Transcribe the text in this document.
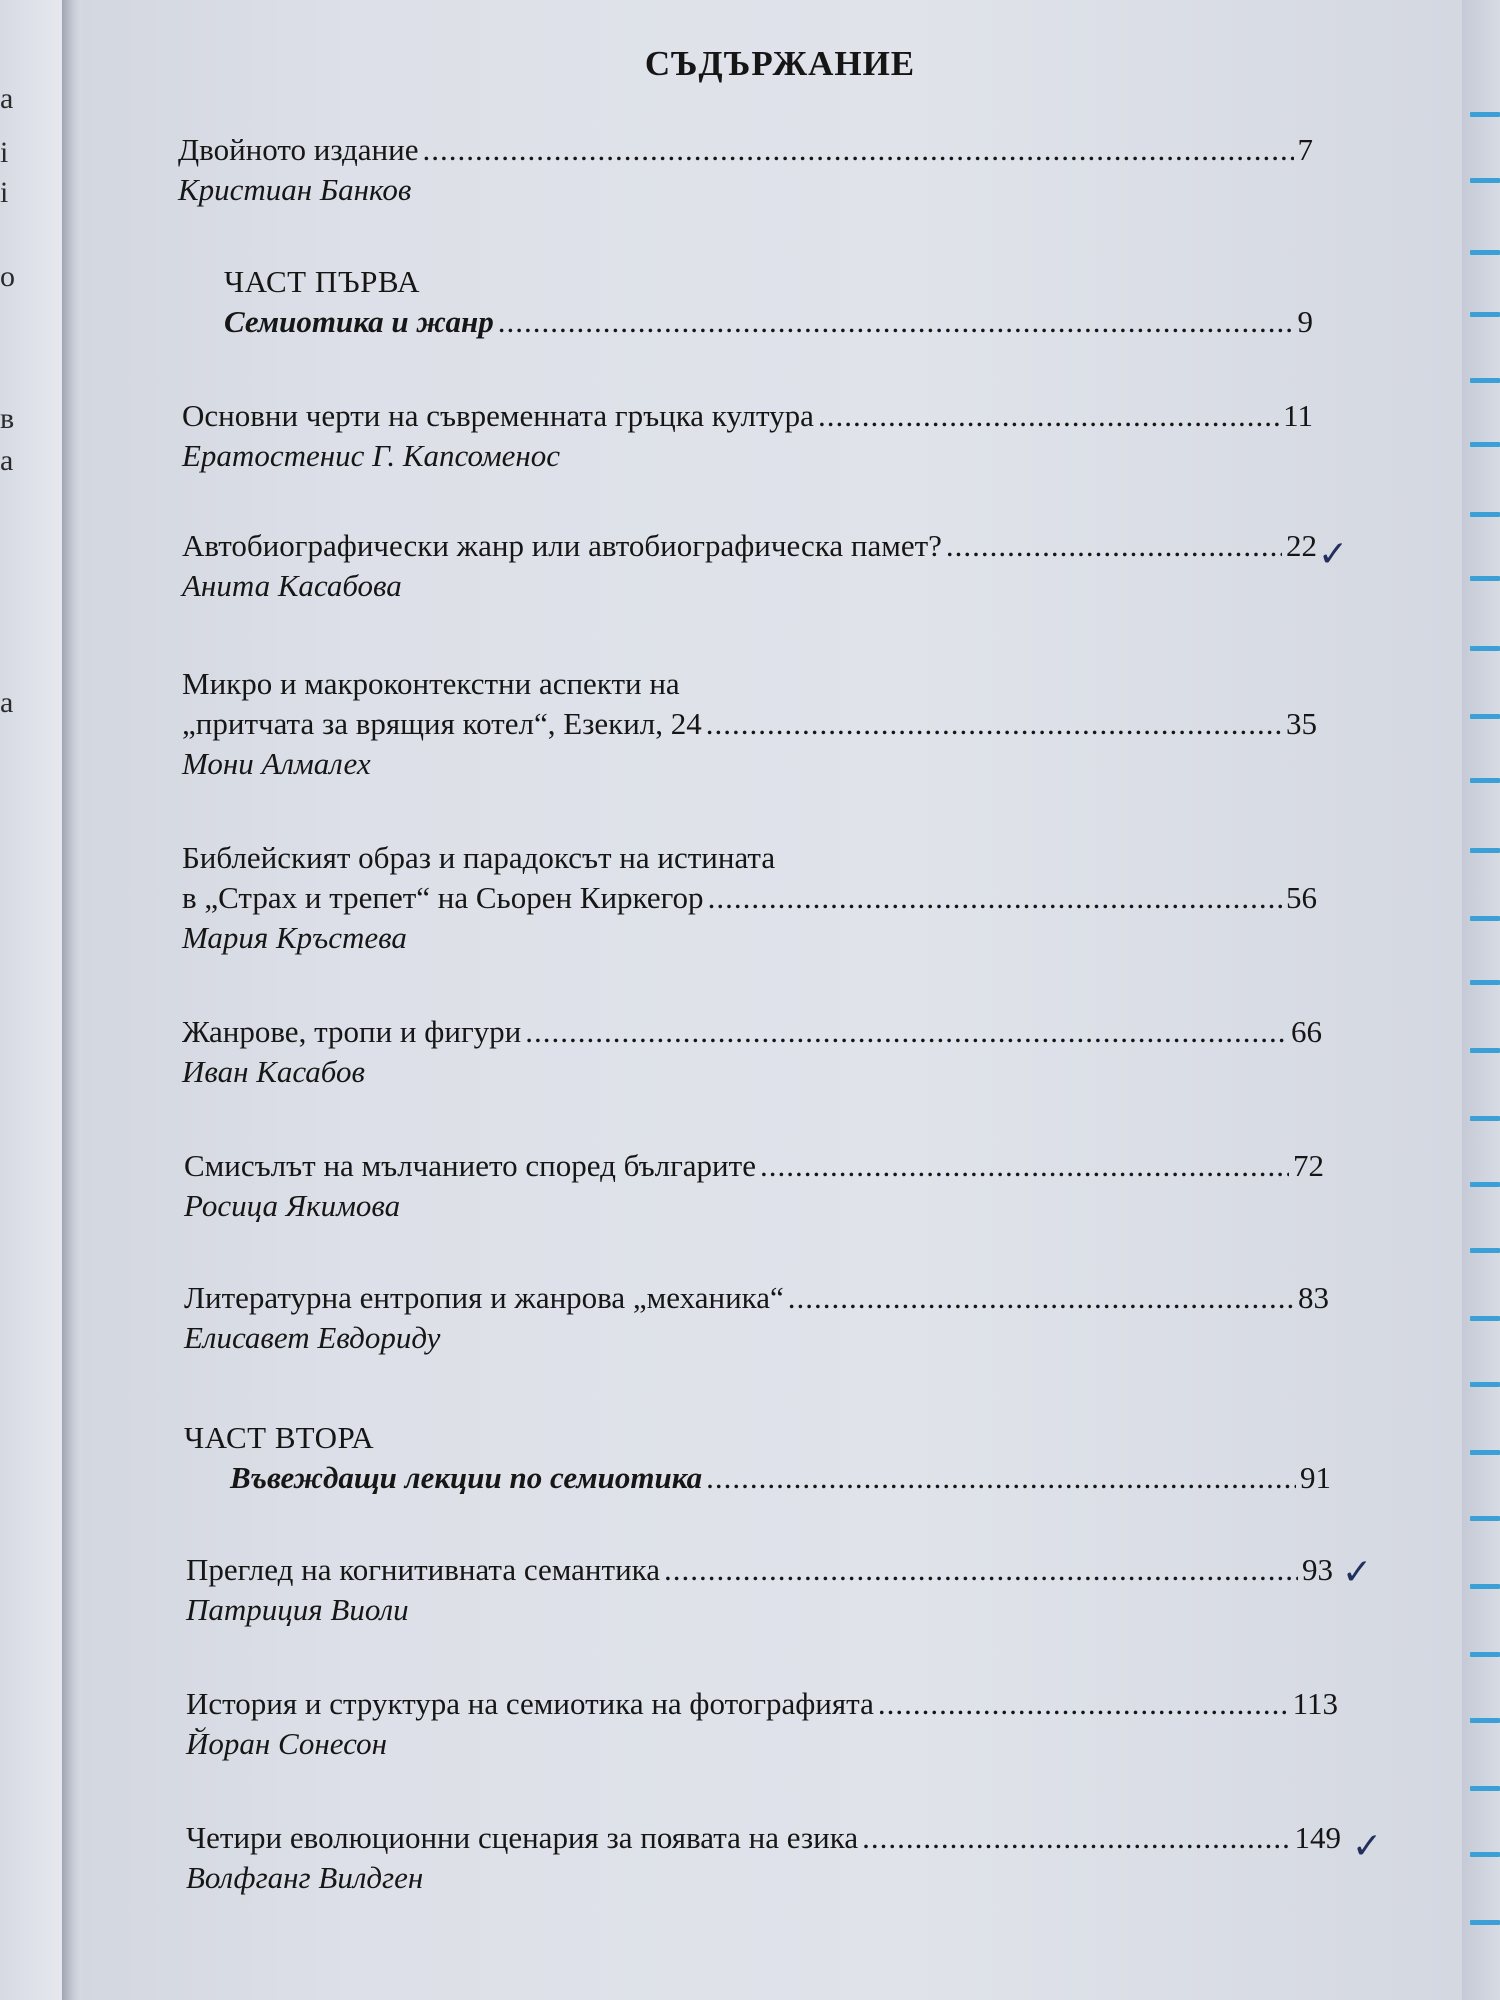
a
i
i
o
в
а
а
СЪДЪРЖАНИЕ
Двойното издание .....	7
Кристиан Банков
ЧАСТ ПЪРВА
Семиотика и жанр .....	9
Основни черти на съвременната гръцка култура .....	11
Ератостенис Г. Капсоменос
Автобиографически жанр или автобиографическа памет? .....	22
Анита Касабова
✓
Микро и макроконтекстни аспекти на
„притчата за врящия котел“, Езекил, 24 .....	35
Мони Алмалех
Библейският образ и парадоксът на истината
в „Страх и трепет“ на Сьорен Киркегор .....	56
Мария Кръстева
Жанрове, тропи и фигури .....	66
Иван Касабов
Смисълът на мълчанието според българите .....	72
Росица Якимова
Литературна ентропия и жанрова „механика“ .....	83
Елисавет Евдориду
ЧАСТ ВТОРА
Въвеждащи лекции по семиотика .....	91
Преглед на когнитивната семантика .....	93
Патриция Виоли
✓
История и структура на семиотика на фотографията .....	113
Йоран Сонесон
Четири еволюционни сценария за появата на езика .....	149
Волфганг Вилдген
✓
